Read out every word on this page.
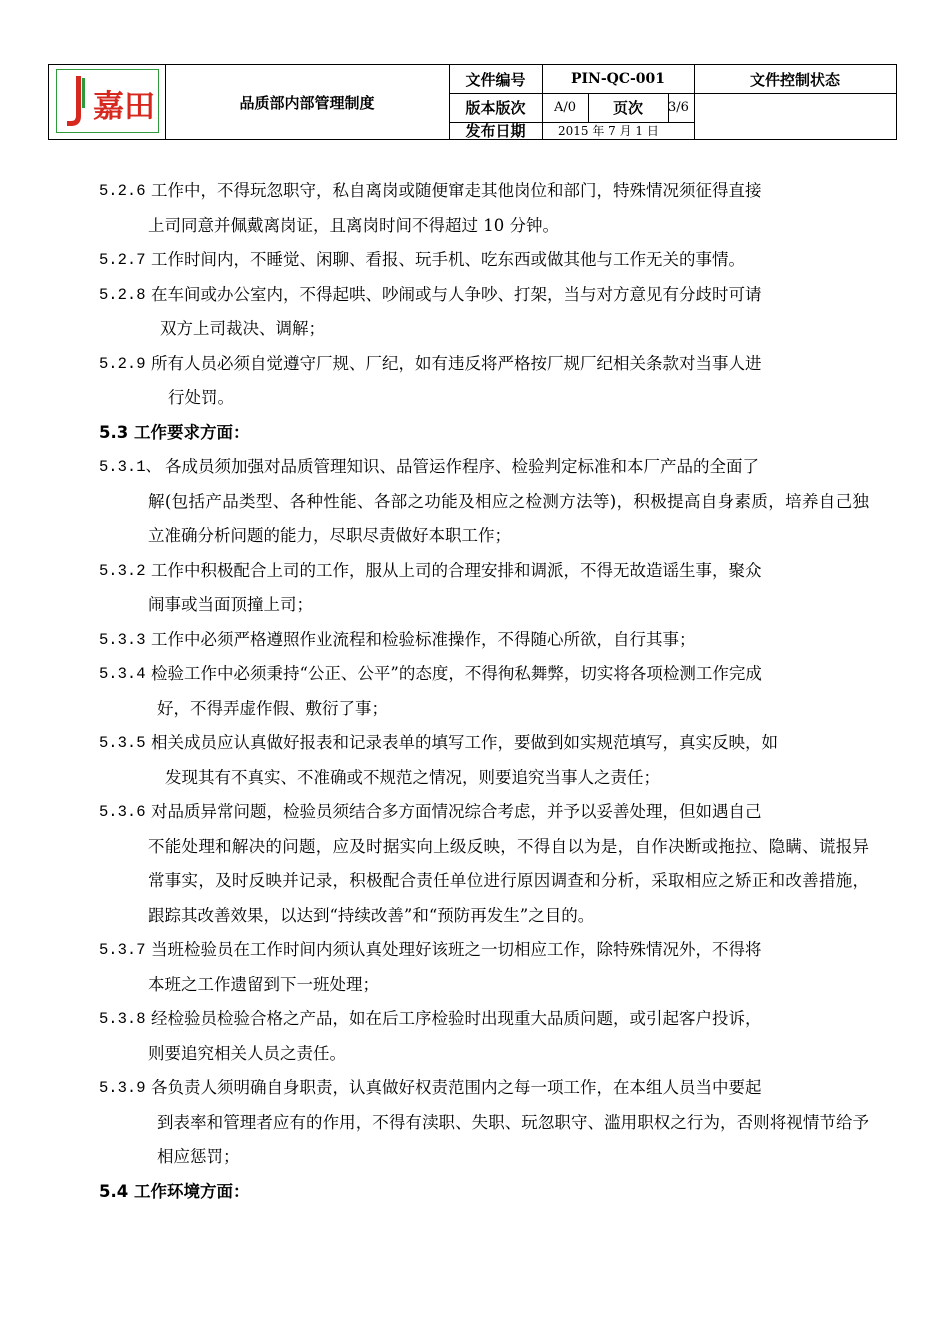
嘉田	品质部内部管理制度
文件编号	PIN-QC-001	文件控制状态
版本版次	A/0	页次	3/6
发布日期	2015 年 7 月 1 日
5.2.6 工作中，不得玩忽职守，私自离岗或随便窜走其他岗位和部门，特殊情况须征得直接
上司同意并佩戴离岗证，且离岗时间不得超过 10 分钟。
5.2.7 工作时间内，不睡觉、闲聊、看报、玩手机、吃东西或做其他与工作无关的事情。
5.2.8 在车间或办公室内，不得起哄、吵闹或与人争吵、打架，当与对方意见有分歧时可请
双方上司裁决、调解；
5.2.9 所有人员必须自觉遵守厂规、厂纪，如有违反将严格按厂规厂纪相关条款对当事人进
行处罚。
5.3 工作要求方面：
5.3.1、 各成员须加强对品质管理知识、品管运作程序、检验判定标准和本厂产品的全面了
解(包括产品类型、各种性能、各部之功能及相应之检测方法等)，积极提高自身素质，培养自己独立准确分析问题的能力，尽职尽责做好本职工作；
5.3.2 工作中积极配合上司的工作，服从上司的合理安排和调派，不得无故造谣生事，聚众
闹事或当面顶撞上司；
5.3.3 工作中必须严格遵照作业流程和检验标准操作，不得随心所欲，自行其事；
5.3.4 检验工作中必须秉持“公正、公平”的态度，不得徇私舞弊，切实将各项检测工作完成
好，不得弄虚作假、敷衍了事；
5.3.5 相关成员应认真做好报表和记录表单的填写工作，要做到如实规范填写，真实反映，如
发现其有不真实、不准确或不规范之情况，则要追究当事人之责任；
5.3.6 对品质异常问题，检验员须结合多方面情况综合考虑，并予以妥善处理，但如遇自己
不能处理和解决的问题，应及时据实向上级反映，不得自以为是，自作决断或拖拉、隐瞒、谎报异常事实，及时反映并记录，积极配合责任单位进行原因调查和分析，采取相应之矫正和改善措施，跟踪其改善效果，以达到“持续改善”和“预防再发生”之目的。
5.3.7 当班检验员在工作时间内须认真处理好该班之一切相应工作，除特殊情况外，不得将
本班之工作遗留到下一班处理；
5.3.8 经检验员检验合格之产品，如在后工序检验时出现重大品质问题，或引起客户投诉，
则要追究相关人员之责任。
5.3.9 各负责人须明确自身职责，认真做好权责范围内之每一项工作，在本组人员当中要起
到表率和管理者应有的作用，不得有渎职、失职、玩忽职守、滥用职权之行为，否则将视情节给予相应惩罚；
5.4 工作环境方面：
